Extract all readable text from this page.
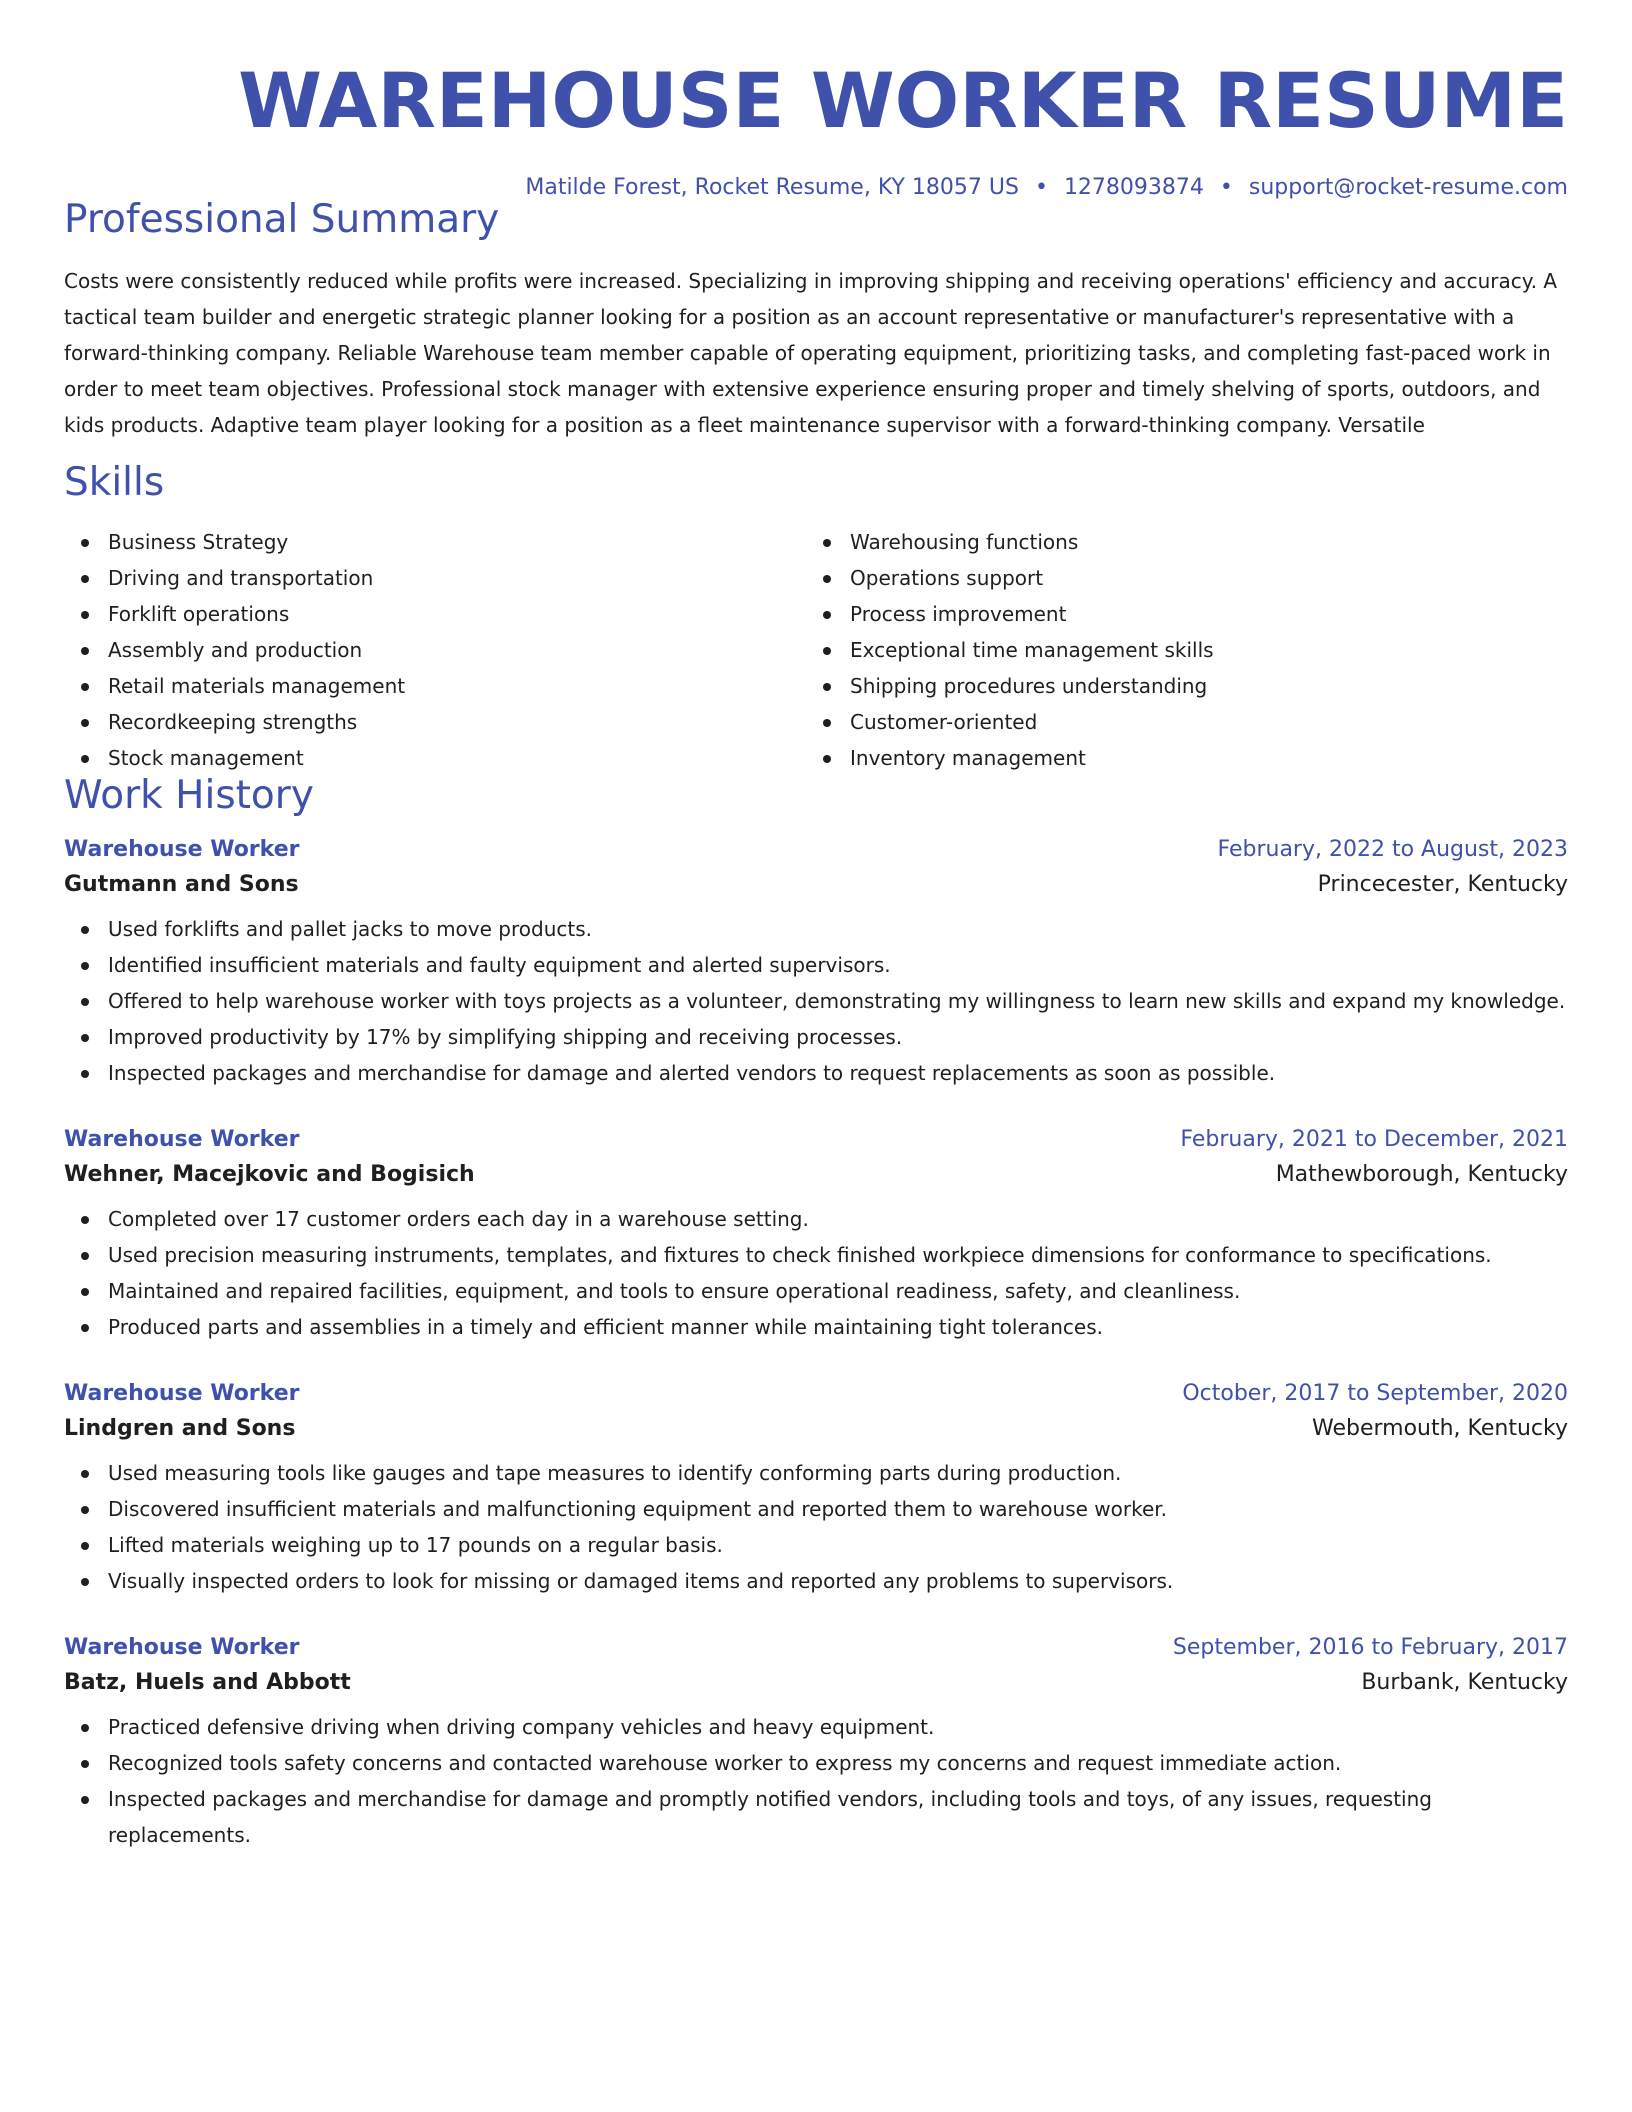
WAREHOUSE WORKER RESUME
Matilde Forest, Rocket Resume, KY 18057 US • 1278093874 • support@rocket-resume.com
Professional Summary

Costs were consistently reduced while profits were increased. Specializing in improving shipping and receiving operations' efficiency and accuracy. A tactical team builder and energetic strategic planner looking for a position as an account representative or manufacturer's representative with a forward-thinking company. Reliable Warehouse team member capable of operating equipment, prioritizing tasks, and completing fast-paced work in order to meet team objectives. Professional stock manager with extensive experience ensuring proper and timely shelving of sports, outdoors, and kids products. Adaptive team player looking for a position as a fleet maintenance supervisor with a forward-thinking company. Versatile

Skills
Business Strategy
Driving and transportation
Forklift operations
Assembly and production
Retail materials management
Recordkeeping strengths
Stock management
Warehousing functions
Operations support
Process improvement
Exceptional time management skills
Shipping procedures understanding
Customer-oriented
Inventory management
Work History
Warehouse Worker	February, 2022 to August, 2023
Gutmann and Sons	Princecester, Kentucky
Used forklifts and pallet jacks to move products.
Identified insufficient materials and faulty equipment and alerted supervisors.
Offered to help warehouse worker with toys projects as a volunteer, demonstrating my willingness to learn new skills and expand my knowledge.
Improved productivity by 17% by simplifying shipping and receiving processes.
Inspected packages and merchandise for damage and alerted vendors to request replacements as soon as possible.
Warehouse Worker	February, 2021 to December, 2021
Wehner, Macejkovic and Bogisich	Mathewborough, Kentucky
Completed over 17 customer orders each day in a warehouse setting.
Used precision measuring instruments, templates, and fixtures to check finished workpiece dimensions for conformance to specifications.
Maintained and repaired facilities, equipment, and tools to ensure operational readiness, safety, and cleanliness.
Produced parts and assemblies in a timely and efficient manner while maintaining tight tolerances.
Warehouse Worker	October, 2017 to September, 2020
Lindgren and Sons	Webermouth, Kentucky
Used measuring tools like gauges and tape measures to identify conforming parts during production.
Discovered insufficient materials and malfunctioning equipment and reported them to warehouse worker.
Lifted materials weighing up to 17 pounds on a regular basis.
Visually inspected orders to look for missing or damaged items and reported any problems to supervisors.
Warehouse Worker	September, 2016 to February, 2017
Batz, Huels and Abbott	Burbank, Kentucky
Practiced defensive driving when driving company vehicles and heavy equipment.
Recognized tools safety concerns and contacted warehouse worker to express my concerns and request immediate action.
Inspected packages and merchandise for damage and promptly notified vendors, including tools and toys, of any issues, requesting replacements.
